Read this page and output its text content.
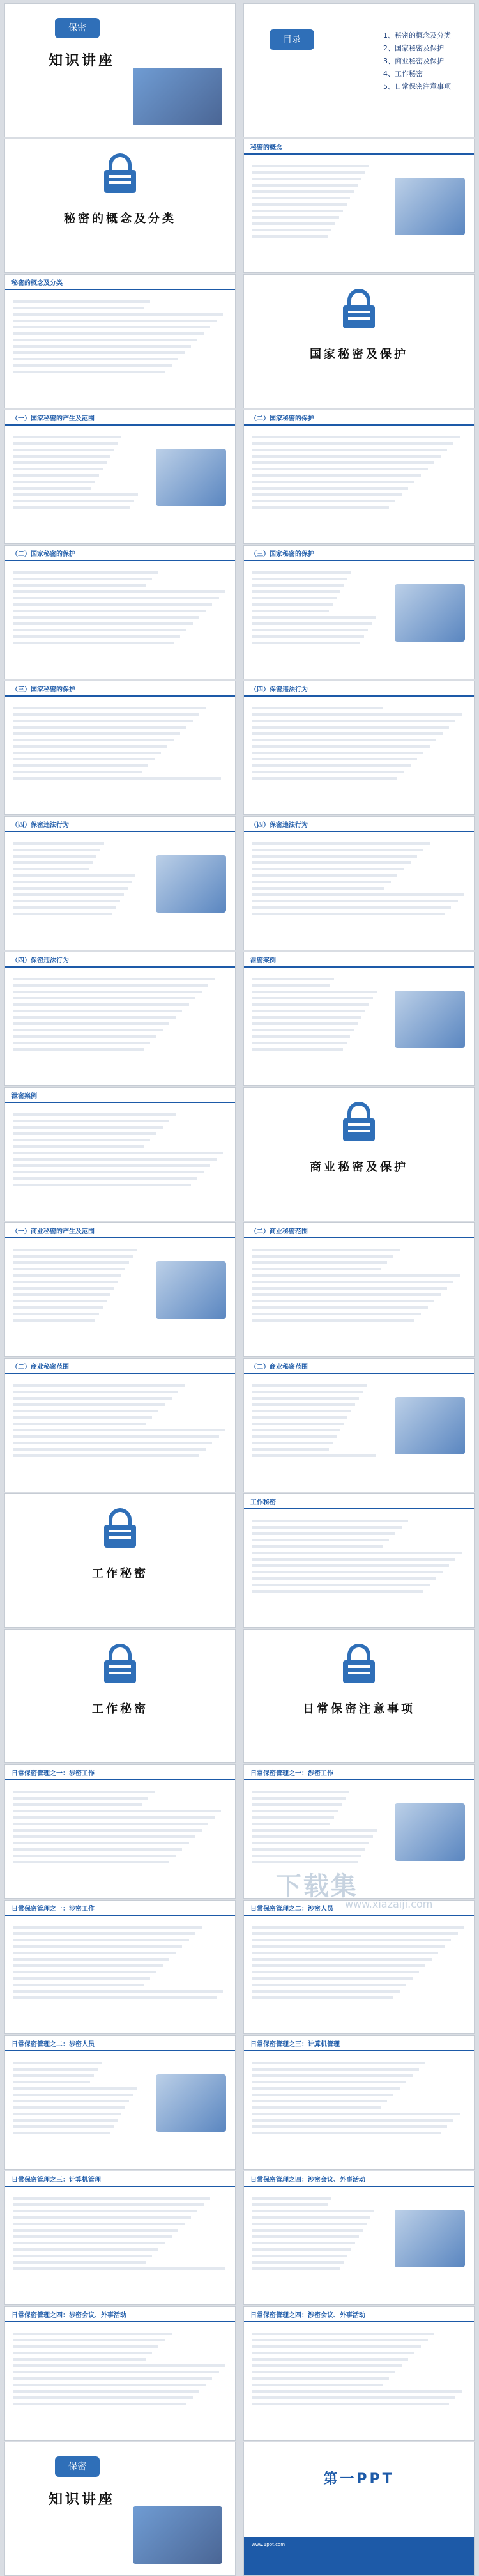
保密
知识讲座
目录	1、秘密的概念及分类
2、国家秘密及保护
3、商业秘密及保护
4、工作秘密
5、日常保密注意事项
秘密的概念及分类
秘密的概念
秘密的概念及分类
国家秘密及保护
（一）国家秘密的产生及范围	（二）国家秘密的保护
（二）国家秘密的保护	（三）国家秘密的保护
（三）国家秘密的保护	（四）保密违法行为
（四）保密违法行为	（四）保密违法行为
（四）保密违法行为	泄密案例
泄密案例
商业秘密及保护
（一）商业秘密的产生及范围	（二）商业秘密范围
（二）商业秘密范围	（二）商业秘密范围
工作秘密
工作秘密
工作秘密	日常保密注意事项
日常保密管理之一：涉密工作	日常保密管理之一：涉密工作
日常保密管理之一：涉密工作	日常保密管理之二：涉密人员
日常保密管理之二：涉密人员	日常保密管理之三：计算机管理
日常保密管理之三：计算机管理	日常保密管理之四：涉密会议、外事活动
日常保密管理之四：涉密会议、外事活动	日常保密管理之四：涉密会议、外事活动
保密
知识讲座
第一PPT
www.1ppt.com
下载集
www.xiazaiji.com
